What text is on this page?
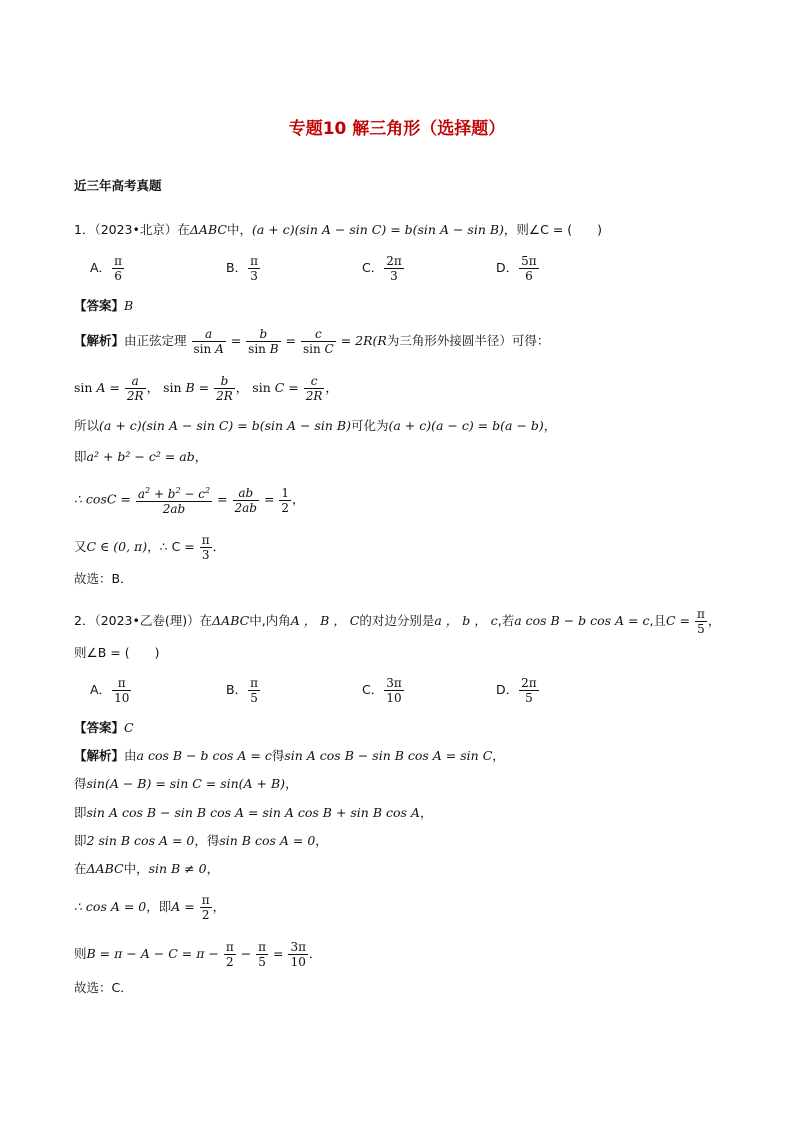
专题10 解三角形（选择题）
近三年高考真题
1．（2023•北京）在ΔABC中，(a + c)(sin A − sin C) = b(sin A − sin B)，则∠C = (　　)
A． $\frac{\pi}{6}$	B． $\frac{\pi}{3}$	C． $\frac{2\pi}{3}$	D． $\frac{5\pi}{6}$
【答案】B
【解析】由正弦定理 $\frac{a}{\text{sin A}} = \frac{b}{\text{sin B}} = \frac{c}{\text{sin C}} = 2R(R$为三角形外接圆半径）可得：
$\sin A = \frac{a}{2R}$ ， $\sin B = \frac{b}{2R}$ ， $\sin C = \frac{c}{2R}$ ，
所以(a + c)(sin A − sin C) = b(sin A − sin B)可化为(a + c)(a − c) = b(a − b)，
即a² + b² − c² = ab，
∴ $\cos C = \frac{a^2 + b^2 - c^2}{2ab} = \frac{ab}{2ab} = \frac{1}{2}$ ，
又C ∈ (0, π)，∴ $C = \frac{\pi}{3}$ ．
故选：B．
2．（2023•乙卷(理)）在ΔABC中,内角A ， B ， C的对边分别是a ， b ， c,若a cos B − b cos A = c,且$C = \frac{\pi}{5}$ ，
则∠B = (　　)
A． $\frac{\pi}{10}$	B． $\frac{\pi}{5}$	C． $\frac{3\pi}{10}$	D． $\frac{2\pi}{5}$
【答案】C
【解析】由a cos B − b cos A = c得sin A cos B − sin B cos A = sin C，
得sin(A − B) = sin C = sin(A + B)，
即sin A cos B − sin B cos A = sin A cos B + sin B cos A，
即2 sin B cos A = 0，得sin B cos A = 0，
在ΔABC中，sin B ≠ 0，
∴ cos A = 0，即$A = \frac{\pi}{2}$ ，
则$B = \pi - A - C = \pi - \frac{\pi}{2} - \frac{\pi}{5} = \frac{3\pi}{10}$ ．
故选：C．
